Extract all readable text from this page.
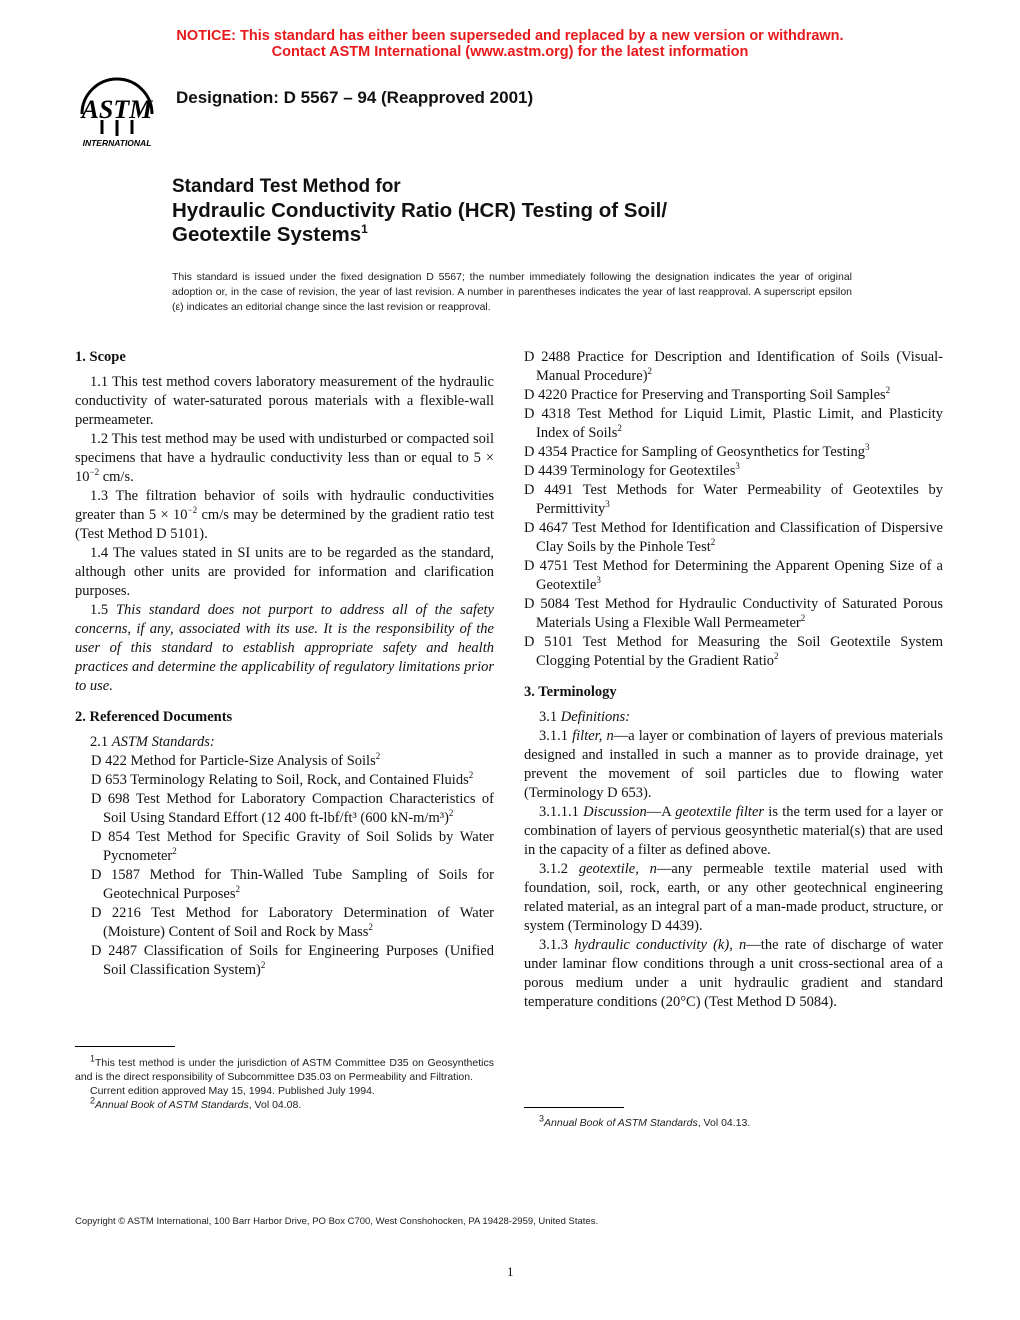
NOTICE: This standard has either been superseded and replaced by a new version or withdrawn.
Contact ASTM International (www.astm.org) for the latest information
ASTM
INTERNATIONAL
Designation: D 5567 – 94 (Reapproved 2001)
Standard Test Method for
Hydraulic Conductivity Ratio (HCR) Testing of Soil/
Geotextile Systems$^1$
This standard is issued under the fixed designation D 5567; the number immediately following the designation indicates the year of original adoption or, in the case of revision, the year of last revision. A number in parentheses indicates the year of last reapproval. A superscript epsilon (ε) indicates an editorial change since the last revision or reapproval.
1. Scope

1.1 This test method covers laboratory measurement of the hydraulic conductivity of water-saturated porous materials with a flexible-wall permeameter.

1.2 This test method may be used with undisturbed or compacted soil specimens that have a hydraulic conductivity less than or equal to $5 \times 10^{-2}$ cm/s.

1.3 The filtration behavior of soils with hydraulic conductivities greater than $5 \times 10^{-2}$ cm/s may be determined by the gradient ratio test (Test Method D 5101).

1.4 The values stated in SI units are to be regarded as the standard, although other units are provided for information and clarification purposes.

1.5 This standard does not purport to address all of the safety concerns, if any, associated with its use. It is the responsibility of the user of this standard to establish appropriate safety and health practices and determine the applicability of regulatory limitations prior to use.

2. Referenced Documents

2.1 ASTM Standards:

D 422 Method for Particle-Size Analysis of Soils$^2$

D 653 Terminology Relating to Soil, Rock, and Contained Fluids$^2$

D 698 Test Method for Laboratory Compaction Characteristics of Soil Using Standard Effort (12 400 ft-lbf/ft³ (600 kN-m/m³)$^2$

D 854 Test Method for Specific Gravity of Soil Solids by Water Pycnometer$^2$

D 1587 Method for Thin-Walled Tube Sampling of Soils for Geotechnical Purposes$^2$

D 2216 Test Method for Laboratory Determination of Water (Moisture) Content of Soil and Rock by Mass$^2$

D 2487 Classification of Soils for Engineering Purposes (Unified Soil Classification System)$^2$

D 2488 Practice for Description and Identification of Soils (Visual-Manual Procedure)$^2$

D 4220 Practice for Preserving and Transporting Soil Samples$^2$

D 4318 Test Method for Liquid Limit, Plastic Limit, and Plasticity Index of Soils$^2$

D 4354 Practice for Sampling of Geosynthetics for Testing$^3$

D 4439 Terminology for Geotextiles$^3$

D 4491 Test Methods for Water Permeability of Geotextiles by Permittivity$^3$

D 4647 Test Method for Identification and Classification of Dispersive Clay Soils by the Pinhole Test$^2$

D 4751 Test Method for Determining the Apparent Opening Size of a Geotextile$^3$

D 5084 Test Method for Hydraulic Conductivity of Saturated Porous Materials Using a Flexible Wall Permeameter$^2$

D 5101 Test Method for Measuring the Soil Geotextile System Clogging Potential by the Gradient Ratio$^2$

3. Terminology

3.1 Definitions:

3.1.1 filter, n—a layer or combination of layers of previous materials designed and installed in such a manner as to provide drainage, yet prevent the movement of soil particles due to flowing water (Terminology D 653).

3.1.1.1 Discussion—A geotextile filter is the term used for a layer or combination of layers of pervious geosynthetic material(s) that are used in the capacity of a filter as defined above.

3.1.2 geotextile, n—any permeable textile material used with foundation, soil, rock, earth, or any other geotechnical engineering related material, as an integral part of a man-made product, structure, or system (Terminology D 4439).

3.1.3 hydraulic conductivity (k), n—the rate of discharge of water under laminar flow conditions through a unit cross-sectional area of a porous medium under a unit hydraulic gradient and standard temperature conditions (20°C) (Test Method D 5084).

$^1$This test method is under the jurisdiction of ASTM Committee D35 on Geosynthetics and is the direct responsibility of Subcommittee D35.03 on Permeability and Filtration.

Current edition approved May 15, 1994. Published July 1994.

$^2$Annual Book of ASTM Standards, Vol 04.08.

$^3$Annual Book of ASTM Standards, Vol 04.13.

Copyright © ASTM International, 100 Barr Harbor Drive, PO Box C700, West Conshohocken, PA 19428-2959, United States.
1
